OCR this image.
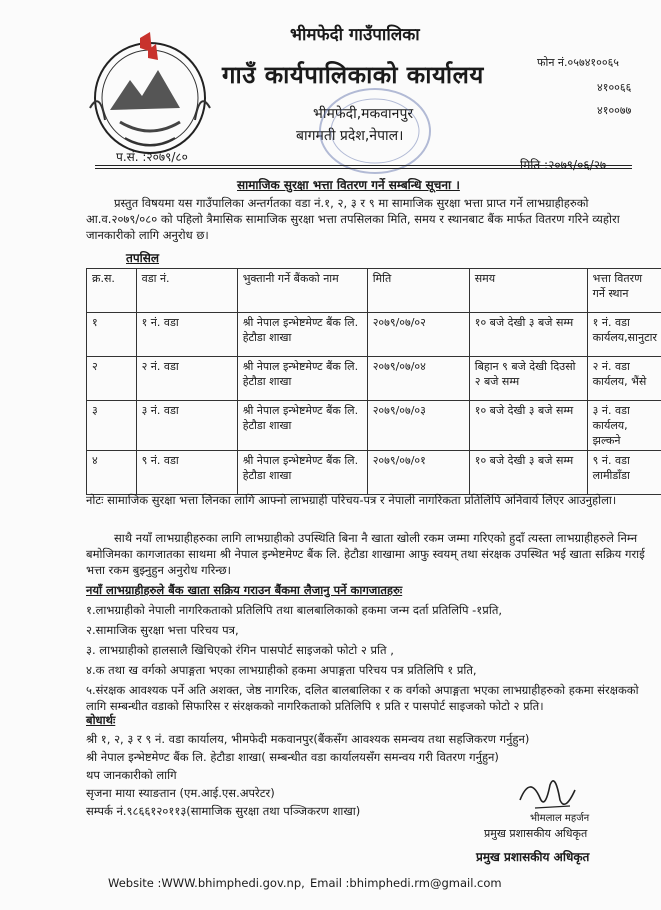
भीमफेदी गाउँपालिका
गाउँ कार्यपालिकाको कार्यालय
भीमफेदी,मकवानपुर
बागमती प्रदेश,नेपाल।
फोन नं.०५७४१००६५
४१००६६
४१००७७
प.सं. :२०७९/८०
मिति :२०७९/०६/२७
सामाजिक सुरक्षा भत्ता वितरण गर्ने सम्बन्धि सूचना ।
प्रस्तुत विषयमा यस गाउँपालिका अन्तर्गतका वडा नं.१, २, ३ र ९ मा सामाजिक सुरक्षा भत्ता प्राप्त गर्ने लाभग्राहीहरुको आ.व.२०७९/०८० को पहिलो त्रैमासिक सामाजिक सुरक्षा भत्ता तपसिलका मिति, समय र स्थानबाट बैंक मार्फत वितरण गरिने व्यहोरा जानकारीको लागि अनुरोध छ।
तपसिल
क्र.स.	वडा नं.	भुक्तानी गर्ने बैंकको नाम	मिति	समय	भत्ता वितरण गर्ने स्थान
१	१ नं. वडा	श्री नेपाल इन्भेष्टमेण्ट बैंक लि. हेटौडा शाखा	२०७९/०७/०२	१० बजे देखी ३ बजे सम्म	१ नं. वडा कार्यलय,सानुटार
२	२ नं. वडा	श्री नेपाल इन्भेष्टमेण्ट बैंक लि. हेटौडा शाखा	२०७९/०७/०४	बिहान ९ बजे देखी दिउसो २ बजे सम्म	२ नं. वडा कार्यलय, भैंसे
३	३ नं. वडा	श्री नेपाल इन्भेष्टमेण्ट बैंक लि. हेटौडा शाखा	२०७९/०७/०३	१० बजे देखी ३ बजे सम्म	३ नं. वडा कार्यलय, झल्कने
४	९ नं. वडा	श्री नेपाल इन्भेष्टमेण्ट बैंक लि. हेटौडा शाखा	२०७९/०७/०१	१० बजे देखी ३ बजे सम्म	९ नं. वडा लामीडाँडा
नोटः सामाजिक सुरक्षा भत्ता लिनका लागि आफ्नो लाभग्राही परिचय-पत्र र नेपाली नागरिकता प्रतिलिपि अनिवार्य लिएर आउनुहोला।
साथै नयाँ लाभग्राहीहरुका लागि लाभग्राहीको उपस्थिति बिना नै खाता खोली रकम जम्मा गरिएको हुदाँ त्यस्ता लाभग्राहीहरुले निम्न बमोजिमका कागजातका साथमा श्री नेपाल इन्भेष्टमेण्ट बैंक लि. हेटौडा शाखामा आफु स्वयम् तथा संरक्षक उपस्थित भई खाता सक्रिय गराई भत्ता रकम बुझ्नुहुन अनुरोध गरिन्छ।
नयाँ लाभग्राहीहरुले बैंक खाता सक्रिय गराउन बैंकमा लैजानु पर्ने कागजातहरुः
१.लाभग्राहीको नेपाली नागरिकताको प्रतिलिपि तथा बालबालिकाको हकमा जन्म दर्ता प्रतिलिपि -१प्रति,
२.सामाजिक सुरक्षा भत्ता परिचय पत्र,
३. लाभग्राहीको हालसालै खिचिएको रंगिन पासपोर्ट साइजको फोटो २ प्रति ,
४.क तथा ख वर्गको अपाङ्गता भएका लाभग्राहीको हकमा अपाङ्गता परिचय पत्र प्रतिलिपि १ प्रति,
५.संरक्षक आवश्यक पर्ने अति अशक्त, जेष्ठ नागरिक, दलित बालबालिका र क वर्गको अपाङ्गता भएका लाभग्राहीहरुको हकमा संरक्षकको लागि सम्बन्धीत वडाको सिफारिस र संरक्षकको नागरिकताको प्रतिलिपि १ प्रति र पासपोर्ट साइजको फोटो २ प्रति।
बोधार्थः
श्री १, २, ३ र ९ नं. वडा कार्यालय, भीमफेदी मकवानपुर(बैंकसँग आवश्यक समन्वय तथा सहजिकरण गर्नुहुन)
श्री नेपाल इन्भेष्टमेण्ट बैंक लि. हेटौडा शाखा( सम्बन्धीत वडा कार्यालयसँग समन्वय गरी वितरण गर्नुहुन)
थप जानकारीको लागि
सृजना माया स्याङतान (एम.आई.एस.अपरेटर)
सम्पर्क नं.९८६६१२०११३(सामाजिक सुरक्षा तथा पञ्जिकरण शाखा)
भीमलाल महर्जन
प्रमुख प्रशासकीय अधिकृत
प्रमुख प्रशासकीय अधिकृत
Website :WWW.bhimphedi.gov.np, Email :bhimphedi.rm@gmail.com
